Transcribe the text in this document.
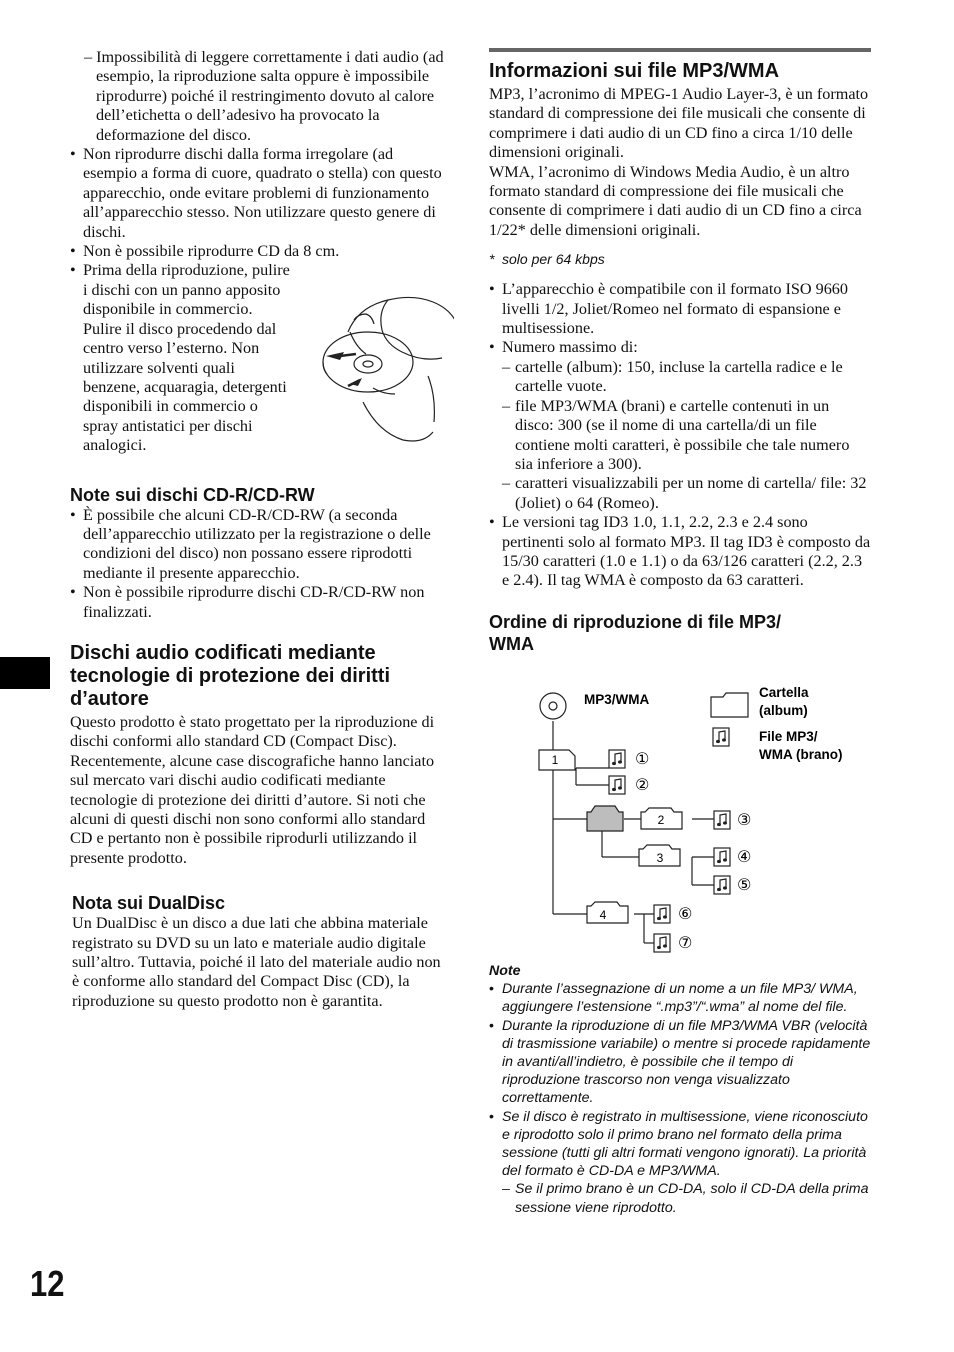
– Impossibilità di leggere correttamente i dati audio (ad esempio, la riproduzione salta oppure è impossibile riprodurre) poiché il restringimento dovuto al calore dell’etichetta o dell’adesivo ha provocato la deformazione del disco.

• Non riprodurre dischi dalla forma irregolare (ad esempio a forma di cuore, quadrato o stella) con questo apparecchio, onde evitare problemi di funzionamento all’apparecchio stesso. Non utilizzare questo genere di dischi.
• Non è possibile riprodurre CD da 8 cm.
• Prima della riproduzione, pulire
i dischi con un panno apposito
disponibile in commercio.
Pulire il disco procedendo dal
centro verso l’esterno. Non
utilizzare solventi quali
benzene, acquaragia, detergenti
disponibili in commercio o
spray antistatici per dischi
analogici.
Note sui dischi CD-R/CD-RW
• È possibile che alcuni CD-R/CD-RW (a seconda dell’apparecchio utilizzato per la registrazione o delle condizioni del disco) non possano essere riprodotti mediante il presente apparecchio.
• Non è possibile riprodurre dischi CD-R/CD-RW non finalizzati.
Dischi audio codificati mediante tecnologie di protezione dei diritti d’autore

Questo prodotto è stato progettato per la riproduzione di dischi conformi allo standard CD (Compact Disc).

Recentemente, alcune case discografiche hanno lanciato sul mercato vari dischi audio codificati mediante tecnologie di protezione dei diritti d’autore. Si noti che alcuni di questi dischi non sono conformi allo standard CD e pertanto non è possibile riprodurli utilizzando il presente prodotto.

Nota sui DualDisc

Un DualDisc è un disco a due lati che abbina materiale registrato su DVD su un lato e materiale audio digitale sull’altro. Tuttavia, poiché il lato del materiale audio non è conforme allo standard del Compact Disc (CD), la riproduzione su questo prodotto non è garantita.

Informazioni sui file MP3/WMA

MP3, l’acronimo di MPEG-1 Audio Layer-3, è un formato standard di compressione dei file musicali che consente di comprimere i dati audio di un CD fino a circa 1/10 delle dimensioni originali.

WMA, l’acronimo di Windows Media Audio, è un altro formato standard di compressione dei file musicali che consente di comprimere i dati audio di un CD fino a circa 1/22* delle dimensioni originali.

* solo per 64 kbps
• L’apparecchio è compatibile con il formato ISO 9660 livelli 1/2, Joliet/Romeo nel formato di espansione e multisessione.
• Numero massimo di:
– cartelle (album): 150, incluse la cartella radice e le cartelle vuote.
– file MP3/WMA (brani) e cartelle contenuti in un disco: 300 (se il nome di una cartella/di un file contiene molti caratteri, è possibile che tale numero sia inferiore a 300).
– caratteri visualizzabili per un nome di cartella/ file: 32 (Joliet) o 64 (Romeo).
• Le versioni tag ID3 1.0, 1.1, 2.2, 2.3 e 2.4 sono pertinenti solo al formato MP3. Il tag ID3 è composto da 15/30 caratteri (1.0 e 1.1) o da 63/126 caratteri (2.2, 2.3 e 2.4). Il tag WMA è composto da 63 caratteri.
Ordine di riproduzione di file MP3/
WMA
MP3/WMA	Cartella
(album)
File MP3/
WMA (brano)
1
2
3
4
①
②
③
④
⑤
⑥
⑦
Note
• Durante l’assegnazione di un nome a un file MP3/ WMA, aggiungere l’estensione “.mp3”/“.wma” al nome del file.
• Durante la riproduzione di un file MP3/WMA VBR (velocità di trasmissione variabile) o mentre si procede rapidamente in avanti/all’indietro, è possibile che il tempo di riproduzione trascorso non venga visualizzato correttamente.
• Se il disco è registrato in multisessione, viene riconosciuto e riprodotto solo il primo brano nel formato della prima sessione (tutti gli altri formati vengono ignorati). La priorità del formato è CD-DA e MP3/WMA.
– Se il primo brano è un CD-DA, solo il CD-DA della prima sessione viene riprodotto.
12
